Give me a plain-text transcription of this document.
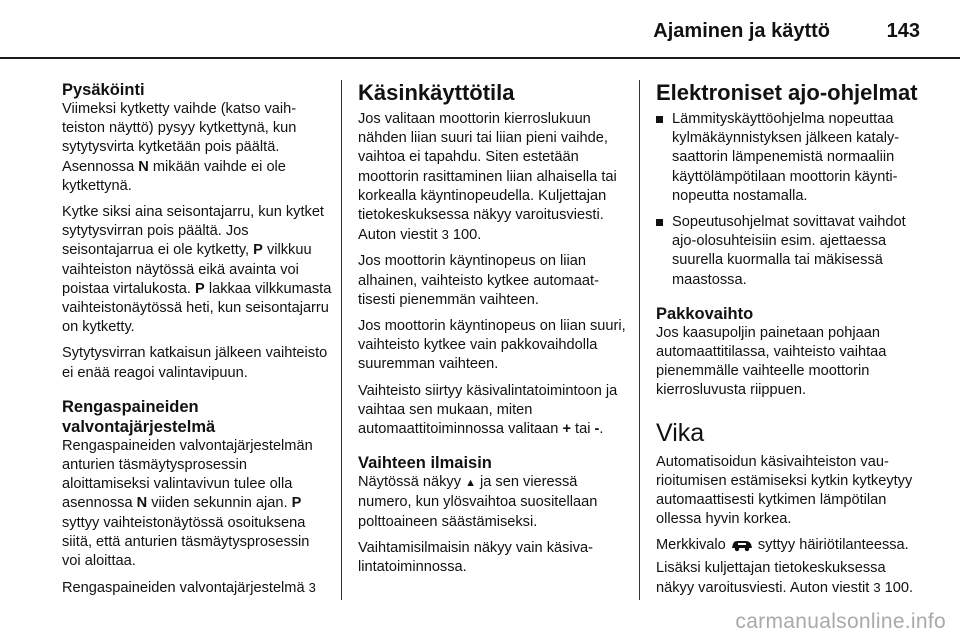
Ajaminen ja käyttö	143
Pysäköinti

Viimeksi kytketty vaihde (katso vaihteiston näyttö) pysyy kytkettynä, kun sytytysvirta kytketään pois päältä. Asennossa N mikään vaihde ei ole kytkettynä.

Kytke siksi aina seisontajarru, kun kytket sytytysvirran pois päältä. Jos seisontajarrua ei ole kytketty, P vilkkuu vaihteiston näytössä eikä avainta voi poistaa virtalukosta. P lakkaa vilkkumasta vaihteistonäytössä heti, kun seisontajarru on kytketty.

Sytytysvirran katkaisun jälkeen vaihteisto ei enää reagoi valintavipuun.

Rengaspaineiden
valvontajärjestelmä

Rengaspaineiden valvontajärjestelmän anturien täsmäytysprosessin aloittamiseksi valintavivun tulee olla asennossa N viiden sekunnin ajan. P syttyy vaihteistonäytössä osoituksena siitä, että anturien täsmäytysprosessin voi aloittaa.

Rengaspaineiden valvontajärjestelmä 3

Käsinkäyttötila

Jos valitaan moottorin kierroslukuun nähden liian suuri tai liian pieni vaihde, vaihtoa ei tapahdu. Siten estetään moottorin rasittaminen liian alhaisella tai korkealla käyntinopeudella. Kuljettajan tietokeskuksessa näkyy varoitusviesti. Auton viestit 3 100.

Jos moottorin käyntinopeus on liian alhainen, vaihteisto kytkee automaattisesti pienemmän vaihteen.

Jos moottorin käyntinopeus on liian suuri, vaihteisto kytkee vain pakkovaihdolla suuremman vaihteen.

Vaihteisto siirtyy käsivalintatoimintoon ja vaihtaa sen mukaan, miten automaattitoiminnossa valitaan + tai -.

Vaihteen ilmaisin

Näytössä näkyy ▲ ja sen vieressä numero, kun ylösvaihtoa suositellaan polttoaineen säästämiseksi.

Vaihtamisilmaisin näkyy vain käsivalintatoiminnossa.

Elektroniset ajo-ohjelmat
Lämmityskäyttöohjelma nopeuttaa kylmäkäynnistyksen jälkeen katalysaattorin lämpenemistä normaaliin käyttölämpötilaan moottorin käyntinopeutta nostamalla.
Sopeutusohjelmat sovittavat vaihdot ajo-olosuhteisiin esim. ajettaessa suurella kuormalla tai mäkisessä maastossa.
Pakkovaihto

Jos kaasupoljin painetaan pohjaan automaattitilassa, vaihteisto vaihtaa pienemmälle vaihteelle moottorin kierrosluvusta riippuen.

Vika

Automatisoidun käsivaihteiston vaurioitumisen estämiseksi kytkin kytkeytyy automaattisesti kytkimen lämpötilan ollessa hyvin korkea.

Merkkivalo  syttyy häiriötilanteessa. Lisäksi kuljettajan tietokeskuksessa näkyy varoitusviesti. Auton viestit 3 100.

carmanualsonline.info
